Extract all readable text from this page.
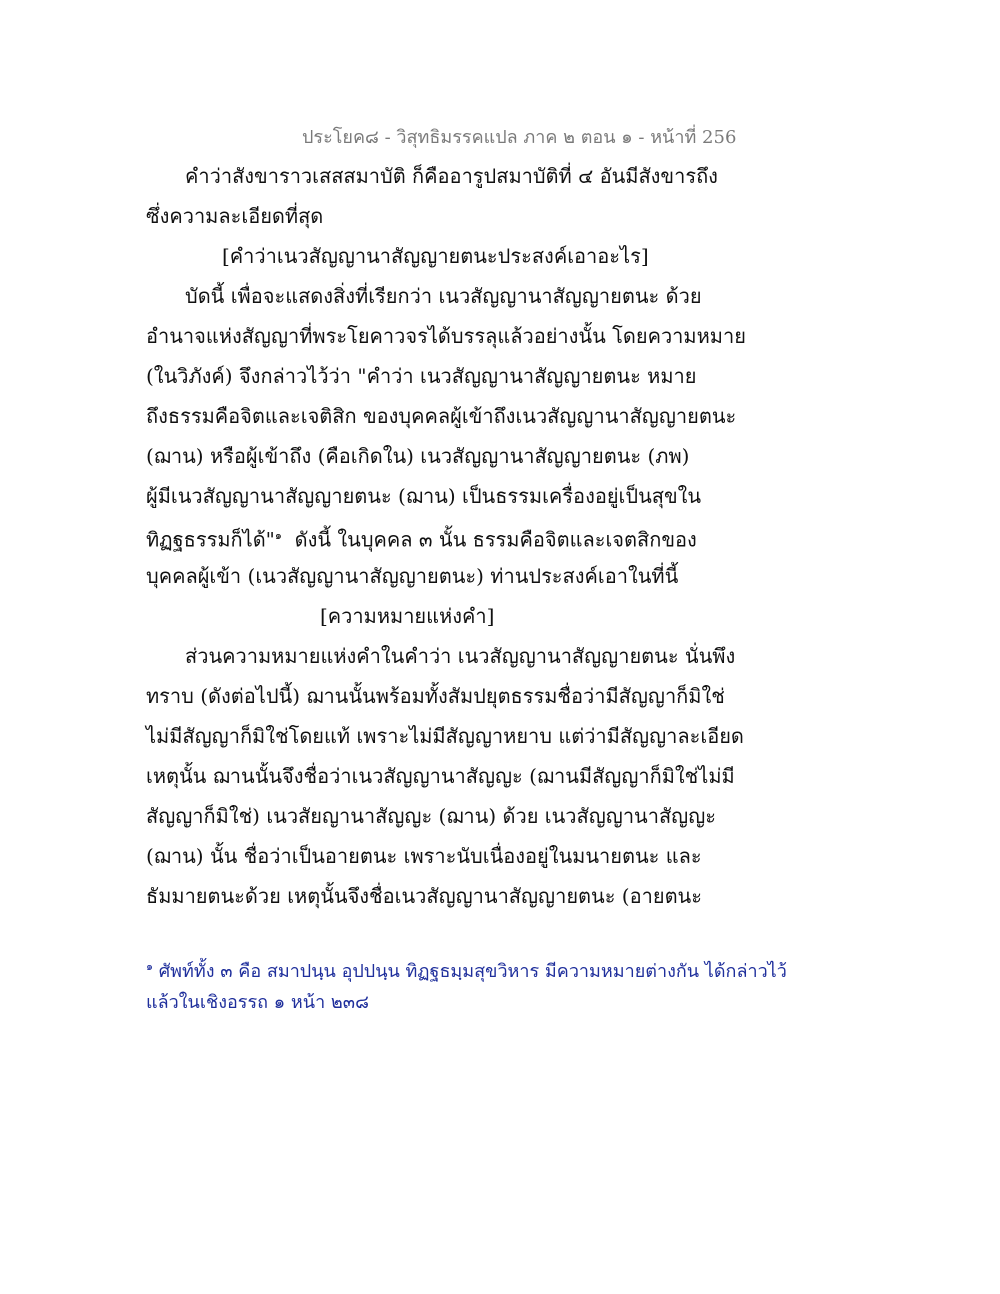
ประโยค๘ - วิสุทธิมรรคแปล ภาค ๒ ตอน ๑ - หน้าที่ 256
คำว่าสังขาราวเสสสมาบัติ ก็คืออารูปสมาบัติที่ ๔ อันมีสังขารถึง
ซึ่งความละเอียดที่สุด
[คำว่าเนวสัญญานาสัญญายตนะประสงค์เอาอะไร]
บัดนี้ เพื่อจะแสดงสิ่งที่เรียกว่า เนวสัญญานาสัญญายตนะ ด้วย
อำนาจแห่งสัญญาที่พระโยคาวจรได้บรรลุแล้วอย่างนั้น โดยความหมาย
(ในวิภังค์) จึงกล่าวไว้ว่า "คำว่า เนวสัญญานาสัญญายตนะ หมาย
ถึงธรรมคือจิตและเจติสิก ของบุคคลผู้เข้าถึงเนวสัญญานาสัญญายตนะ
(ฌาน) หรือผู้เข้าถึง (คือเกิดใน) เนวสัญญานาสัญญายตนะ (ภพ)
ผู้มีเนวสัญญานาสัญญายตนะ (ฌาน) เป็นธรรมเครื่องอยู่เป็นสุขใน
ทิฏฐธรรมก็ได้"$^๑$ ดังนี้ ในบุคคล ๓ นั้น ธรรมคือจิตและเจตสิกของ
บุคคลผู้เข้า (เนวสัญญานาสัญญายตนะ) ท่านประสงค์เอาในที่นี้
[ความหมายแห่งคำ]
ส่วนความหมายแห่งคำในคำว่า เนวสัญญานาสัญญายตนะ นั่นพึง
ทราบ (ดังต่อไปนี้) ฌานนั้นพร้อมทั้งสัมปยุตธรรมชื่อว่ามีสัญญาก็มิใช่
ไม่มีสัญญาก็มิใช่โดยแท้ เพราะไม่มีสัญญาหยาบ แต่ว่ามีสัญญาละเอียด
เหตุนั้น ฌานนั้นจึงชื่อว่าเนวสัญญานาสัญญะ (ฌานมีสัญญาก็มิใช่ไม่มี
สัญญาก็มิใช่) เนวสัยญานาสัญญะ (ฌาน) ด้วย เนวสัญญานาสัญญะ
(ฌาน) นั้น ชื่อว่าเป็นอายตนะ เพราะนับเนื่องอยู่ในมนายตนะ และ
ธัมมายตนะด้วย เหตุนั้นจึงชื่อเนวสัญญานาสัญญายตนะ (อายตนะ
$^๑$ ศัพท์ทั้ง ๓ คือ สมาปนฺน อุปปนฺน ทิฏฐธมฺมสุขวิหาร มีความหมายต่างกัน ได้กล่าวไว้
แล้วในเชิงอรรถ ๑ หน้า ๒๓๘
